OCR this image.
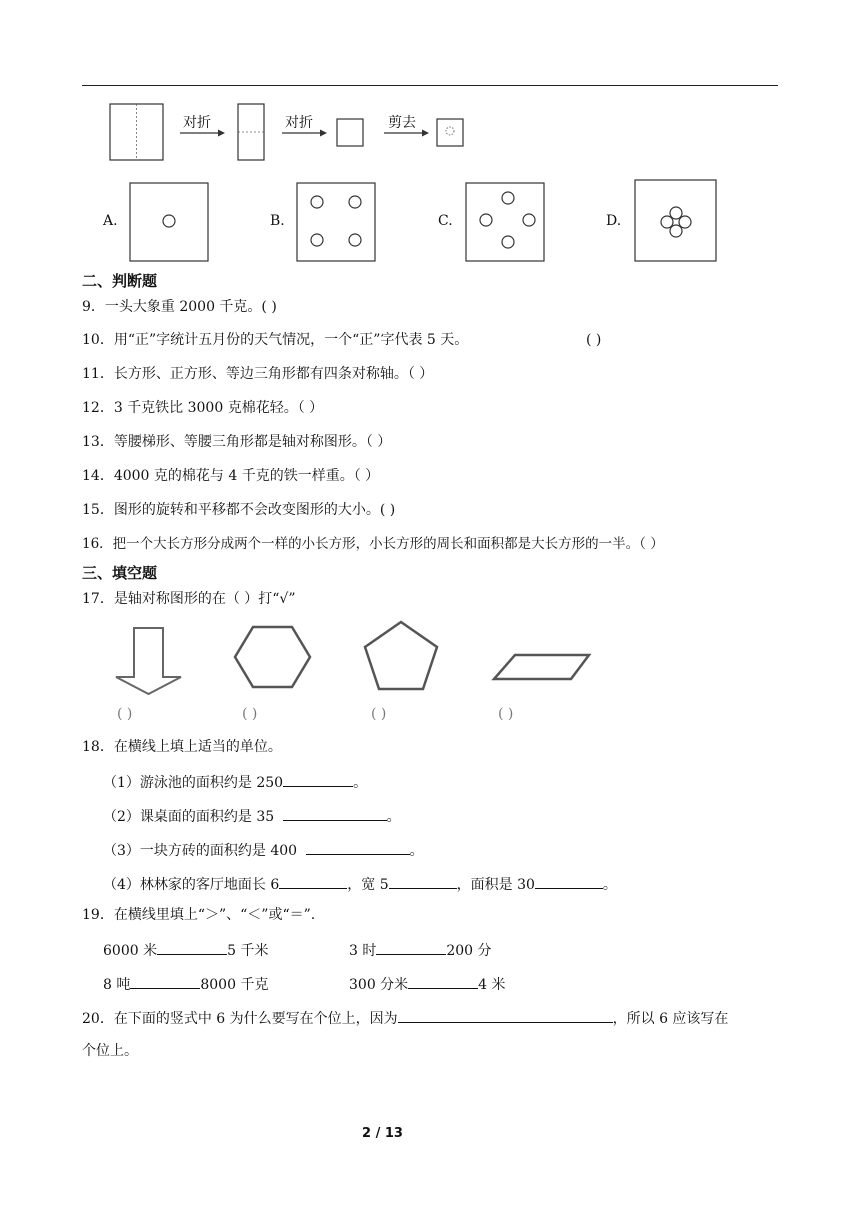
对折	对折	剪去
A.	B.	C.	D.
二、判断题
9．一头大象重 2000 千克。( )
10．用“正”字统计五月份的天气情况，一个“正”字代表 5 天。	( )
11．长方形、正方形、等边三角形都有四条对称轴。（ ）
12．3 千克铁比 3000 克棉花轻。（ ）
13．等腰梯形、等腰三角形都是轴对称图形。（ ）
14．4000 克的棉花与 4 千克的铁一样重。（ ）
15．图形的旋转和平移都不会改变图形的大小。( )
16．把一个大长方形分成两个一样的小长方形，小长方形的周长和面积都是大长方形的一半。（ ）
三、填空题
17．是轴对称图形的在（ ）打“√”
( )	( )	( )	( )
18．在横线上填上适当的单位。
（1）游泳池的面积约是 250	。
（2）课桌面的面积约是 35	。
（3）一块方砖的面积约是 400	。
（4）林林家的客厅地面长 6	，宽 5	，面积是 30	。
19．在横线里填上“＞”、“＜”或“＝”.
6000 米	5 千米	3 时	200 分
8 吨	8000 千克	300 分米	4 米
20．在下面的竖式中 6 为什么要写在个位上，因为	，所以 6 应该写在
个位上。
2 / 13
